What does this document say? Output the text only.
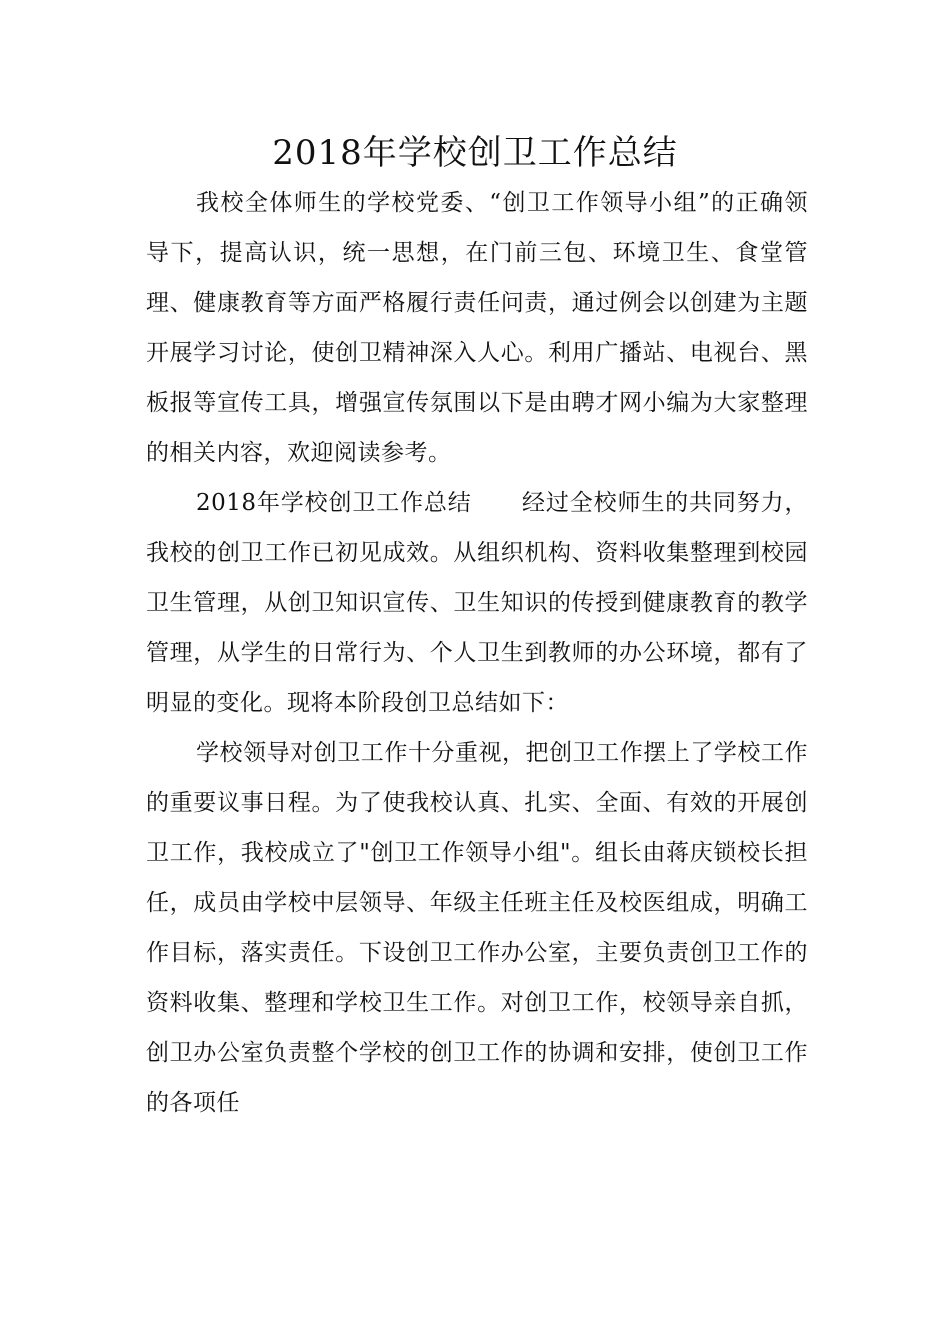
2018年学校创卫工作总结

我校全体师生的学校党委、“创卫工作领导小组”的正确领导下，提高认识，统一思想，在门前三包、环境卫生、食堂管理、健康教育等方面严格履行责任问责，通过例会以创建为主题开展学习讨论，使创卫精神深入人心。利用广播站、电视台、黑板报等宣传工具，增强宣传氛围以下是由聘才网小编为大家整理的相关内容，欢迎阅读参考。

2018年学校创卫工作总结 经过全校师生的共同努力，我校的创卫工作已初见成效。从组织机构、资料收集整理到校园卫生管理，从创卫知识宣传、卫生知识的传授到健康教育的教学管理，从学生的日常行为、个人卫生到教师的办公环境，都有了明显的变化。现将本阶段创卫总结如下：

学校领导对创卫工作十分重视，把创卫工作摆上了学校工作的重要议事日程。为了使我校认真、扎实、全面、有效的开展创卫工作，我校成立了"创卫工作领导小组"。组长由蒋庆锁校长担任，成员由学校中层领导、年级主任班主任及校医组成，明确工作目标，落实责任。下设创卫工作办公室，主要负责创卫工作的资料收集、整理和学校卫生工作。对创卫工作，校领导亲自抓，创卫办公室负责整个学校的创卫工作的协调和安排，使创卫工作的各项任
